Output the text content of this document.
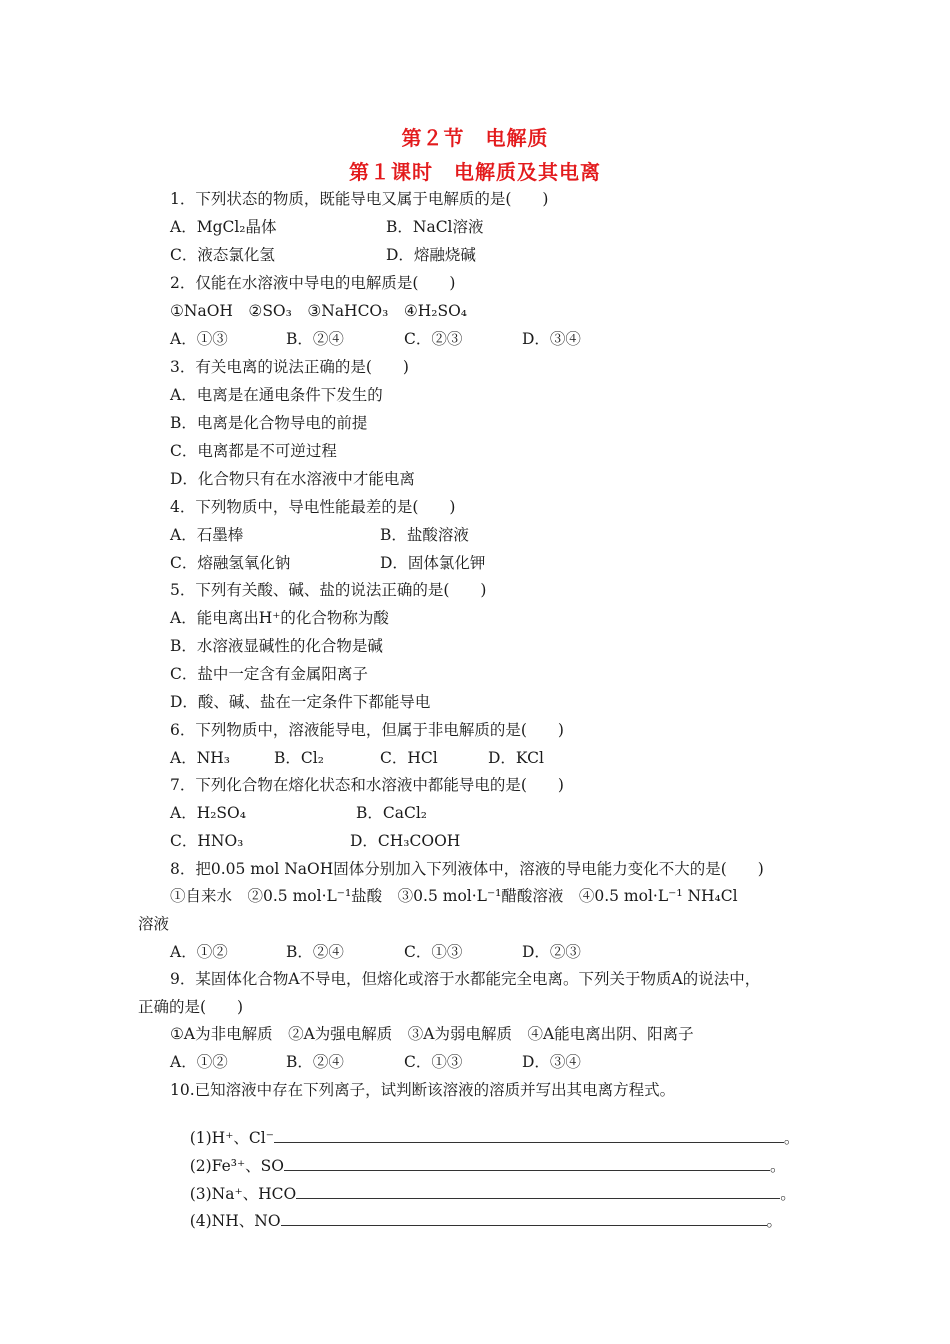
第２节　电解质
第１课时　电解质及其电离
1．下列状态的物质，既能导电又属于电解质的是(　　)
A．MgCl₂晶体	B．NaCl溶液
C．液态氯化氢	D．熔融烧碱
2．仅能在水溶液中导电的电解质是(　　)
①NaOH　②SO₃　③NaHCO₃　④H₂SO₄
A．①③	B．②④	C．②③	D．③④
3．有关电离的说法正确的是(　　)
A．电离是在通电条件下发生的
B．电离是化合物导电的前提
C．电离都是不可逆过程
D．化合物只有在水溶液中才能电离
4．下列物质中，导电性能最差的是(　　)
A．石墨棒	B．盐酸溶液
C．熔融氢氧化钠	D．固体氯化钾
5．下列有关酸、碱、盐的说法正确的是(　　)
A．能电离出H⁺的化合物称为酸
B．水溶液显碱性的化合物是碱
C．盐中一定含有金属阳离子
D．酸、碱、盐在一定条件下都能导电
6．下列物质中，溶液能导电，但属于非电解质的是(　　)
A．NH₃	B．Cl₂	C．HCl	D．KCl
7．下列化合物在熔化状态和水溶液中都能导电的是(　　)
A．H₂SO₄	B．CaCl₂
C．HNO₃	D．CH₃COOH
8．把0.05 mol NaOH固体分别加入下列液体中，溶液的导电能力变化不大的是(　　)
①自来水　②0.5 mol·L⁻¹盐酸　③0.5 mol·L⁻¹醋酸溶液　④0.5 mol·L⁻¹ NH₄Cl
溶液
A．①②	B．②④	C．①③	D．②③
9．某固体化合物A不导电，但熔化或溶于水都能完全电离。下列关于物质A的说法中，
正确的是(　　)
①A为非电解质　②A为强电解质　③A为弱电解质　④A能电离出阴、阳离子
A．①②	B．②④	C．①③	D．③④
10.已知溶液中存在下列离子，试判断该溶液的溶质并写出其电离方程式。

(1)H⁺、Cl⁻	。

(2)Fe³⁺、SO	。

(3)Na⁺、HCO	。

(4)NH、NO	。
